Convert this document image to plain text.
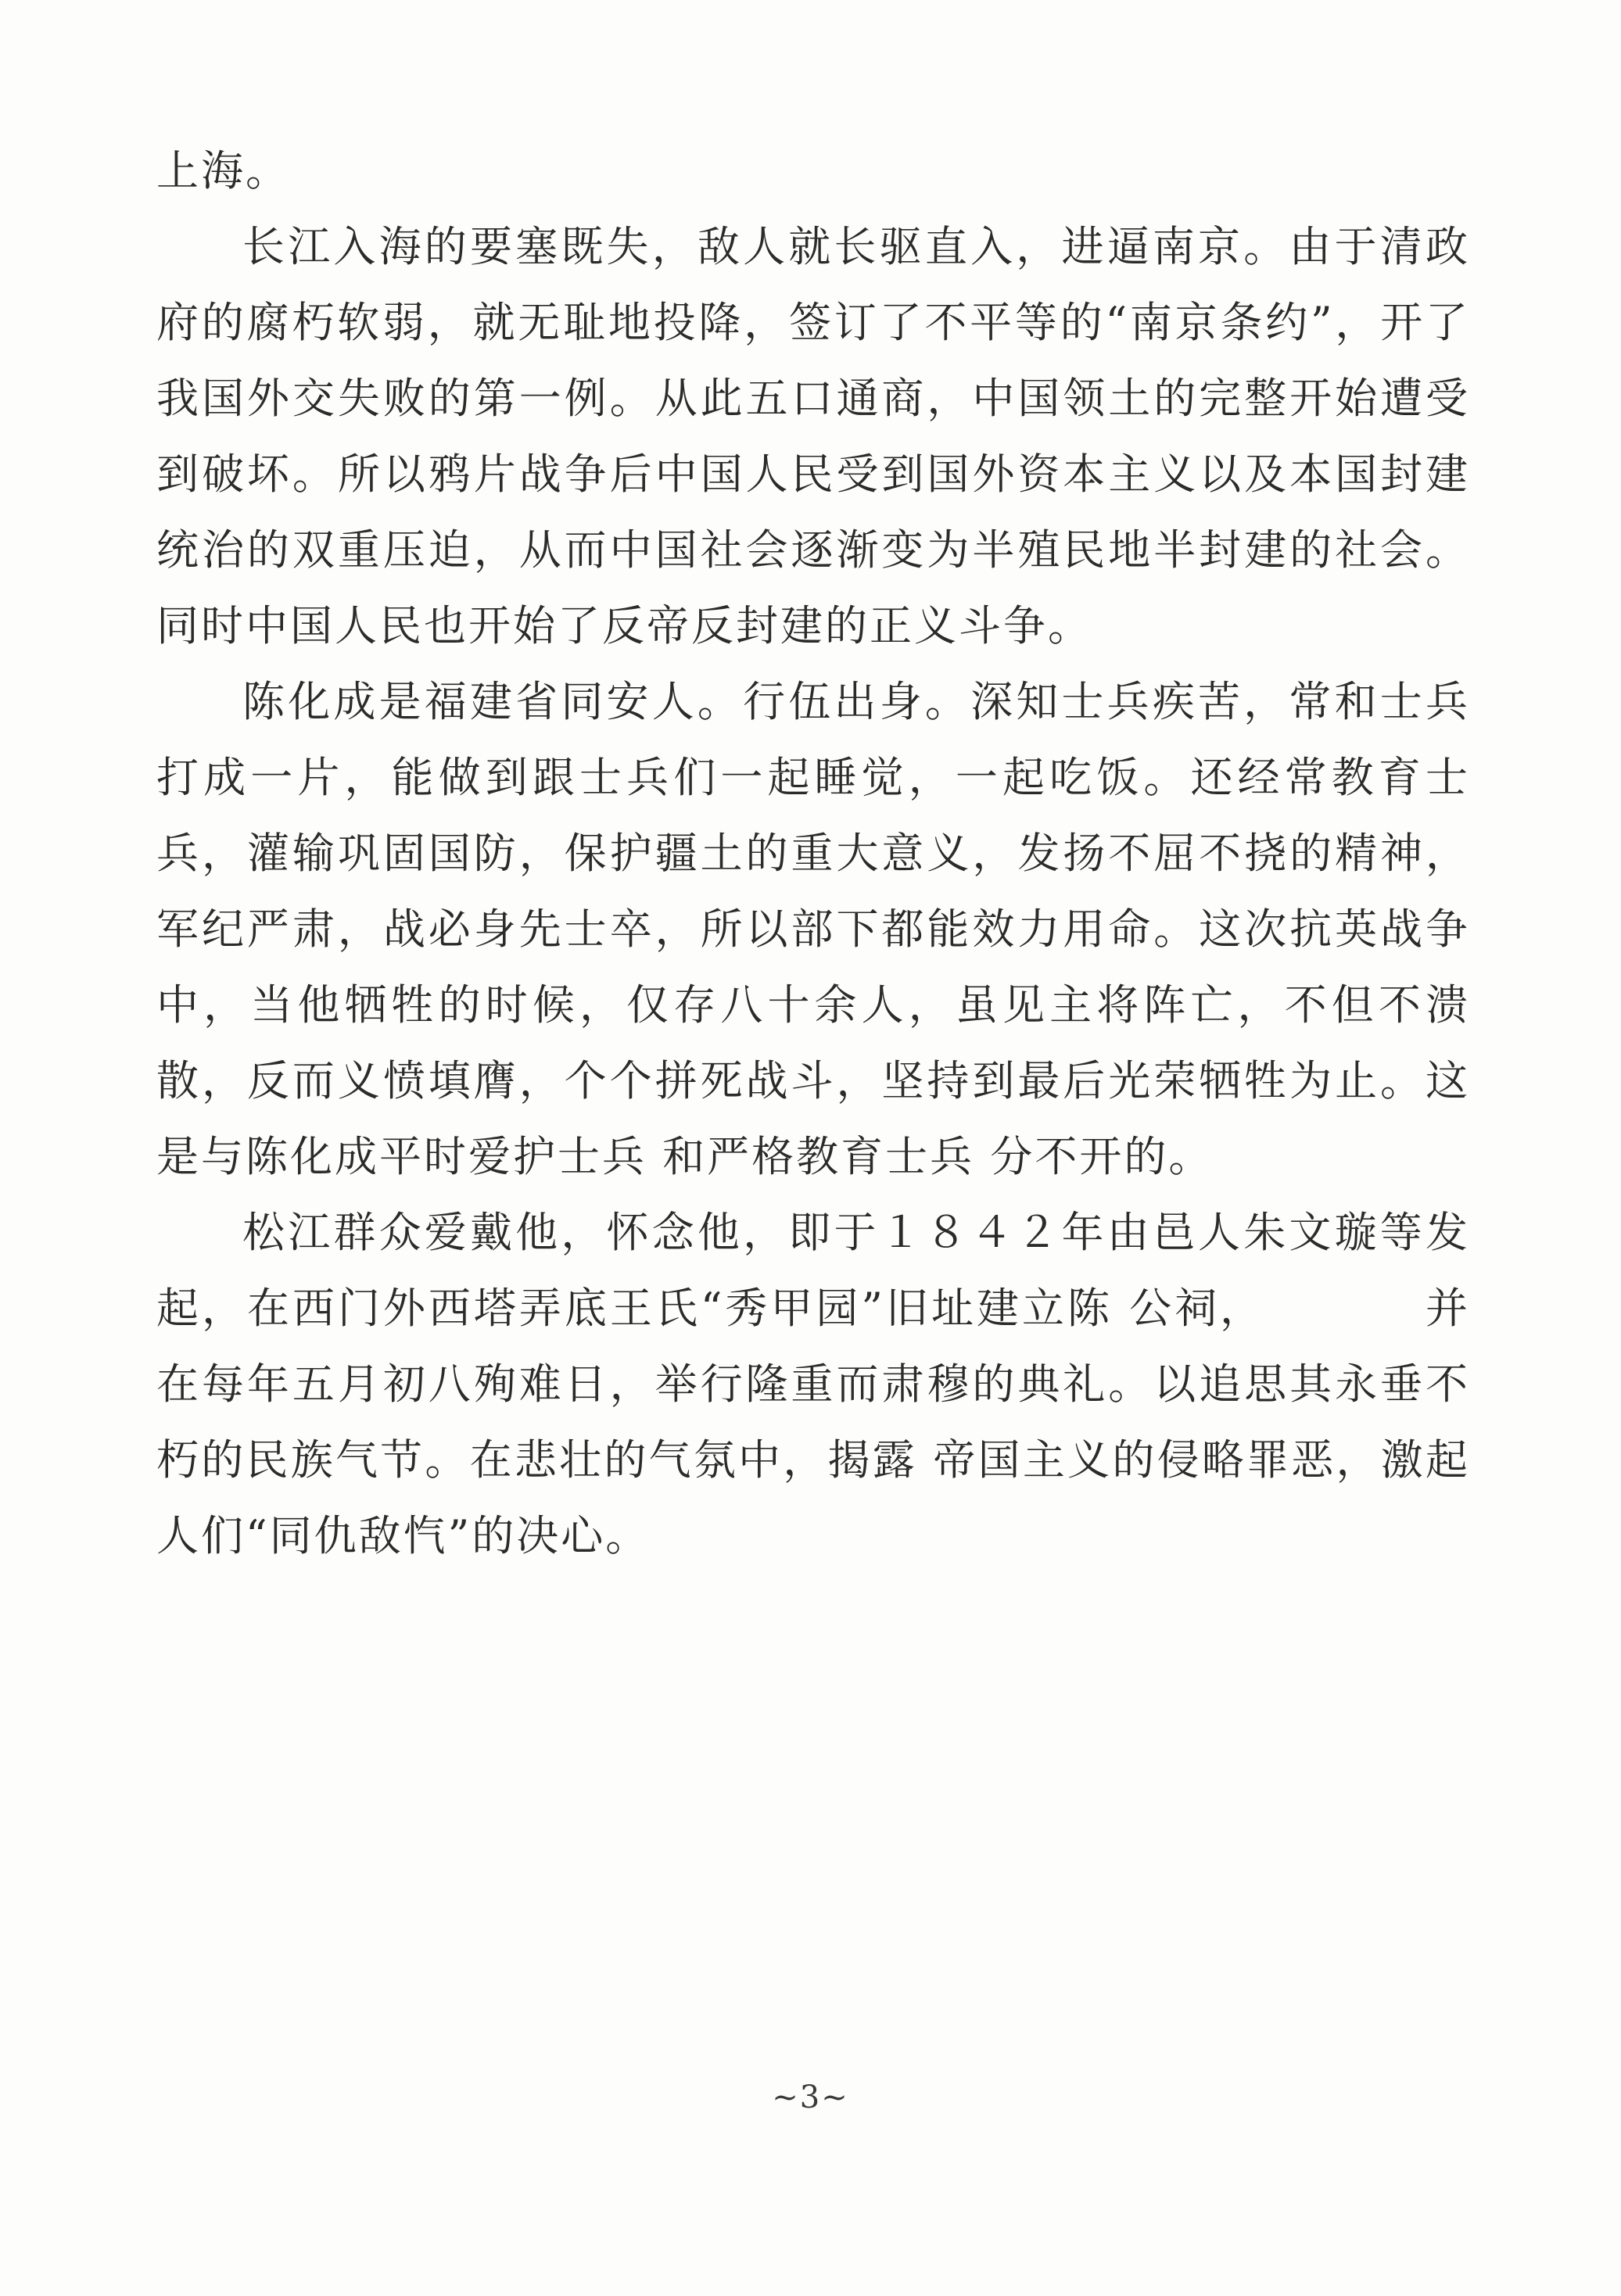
上海。

长江入海的要塞既失，敌人就长驱直入，进逼南京。由于清政府的腐朽软弱，就无耻地投降，签订了不平等的“南京条约”，开了我国外交失败的第一例。从此五口通商，中国领土的完整开始遭受到破坏。所以鸦片战争后中国人民受到国外资本主义以及本国封建统治的双重压迫，从而中国社会逐渐变为半殖民地半封建的社会。同时中国人民也开始了反帝反封建的正义斗争。

陈化成是福建省同安人。行伍出身。深知士兵疾苦，常和士兵打成一片，能做到跟士兵们一起睡觉，一起吃饭。还经常教育士兵，灌输巩固国防，保护疆土的重大意义，发扬不屈不挠的精神，军纪严肃，战必身先士卒，所以部下都能效力用命。这次抗英战争中，当他牺牲的时候，仅存八十余人，虽见主将阵亡，不但不溃散，反而义愤填膺，个个拼死战斗，坚持到最后光荣牺牲为止。这是与陈化成平时爱护士兵 和严格教育士兵 分不开的。

松江群众爱戴他，怀念他，即于１８４２年由邑人朱文璇等发起，在西门外西塔弄底王氏“秀甲园”旧址建立陈 公祠，　　　　并在每年五月初八殉难日，举行隆重而肃穆的典礼。以追思其永垂不朽的民族气节。在悲壮的气氛中，揭露 帝国主义的侵略罪恶，激起人们“同仇敌忾”的决心。

~3~
